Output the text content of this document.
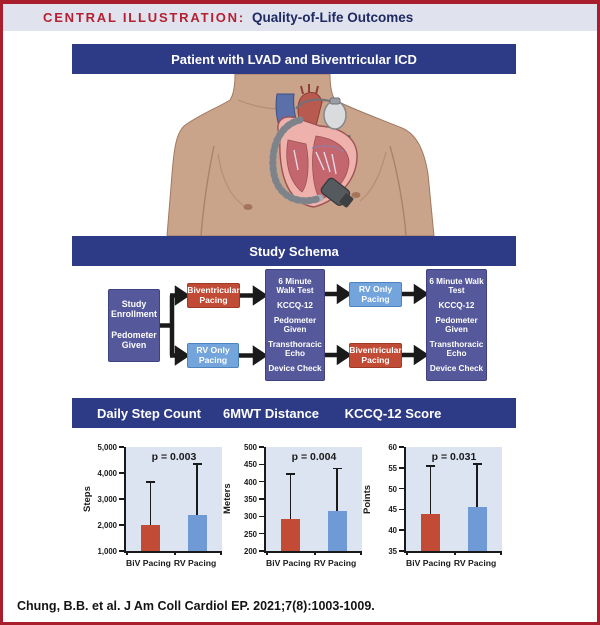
CENTRAL ILLUSTRATION: Quality-of-Life Outcomes
Patient with LVAD and Biventricular ICD
Study Schema
Study Enrollment
Pedometer Given
Biventricular Pacing
RV Only Pacing
6 Minute Walk Test
KCCQ-12
Pedometer Given
Transthoracic Echo
Device Check
RV Only Pacing
Biventricular Pacing
6 Minute Walk Test
KCCQ-12
Pedometer Given
Transthoracic Echo
Device Check
Daily Step Count 6MWT Distance KCCQ-12 Score
Steps
p = 0.003
1,000
2,000
3,000
4,000
5,000
BiV Pacing RV Pacing
Meters
p = 0.004
200
250
300
350
400
450
500
BiV Pacing RV Pacing
Points
p = 0.031
35
40
45
50
55
60
BiV Pacing RV Pacing
Chung, B.B. et al. J Am Coll Cardiol EP. 2021;7(8):1003-1009.
